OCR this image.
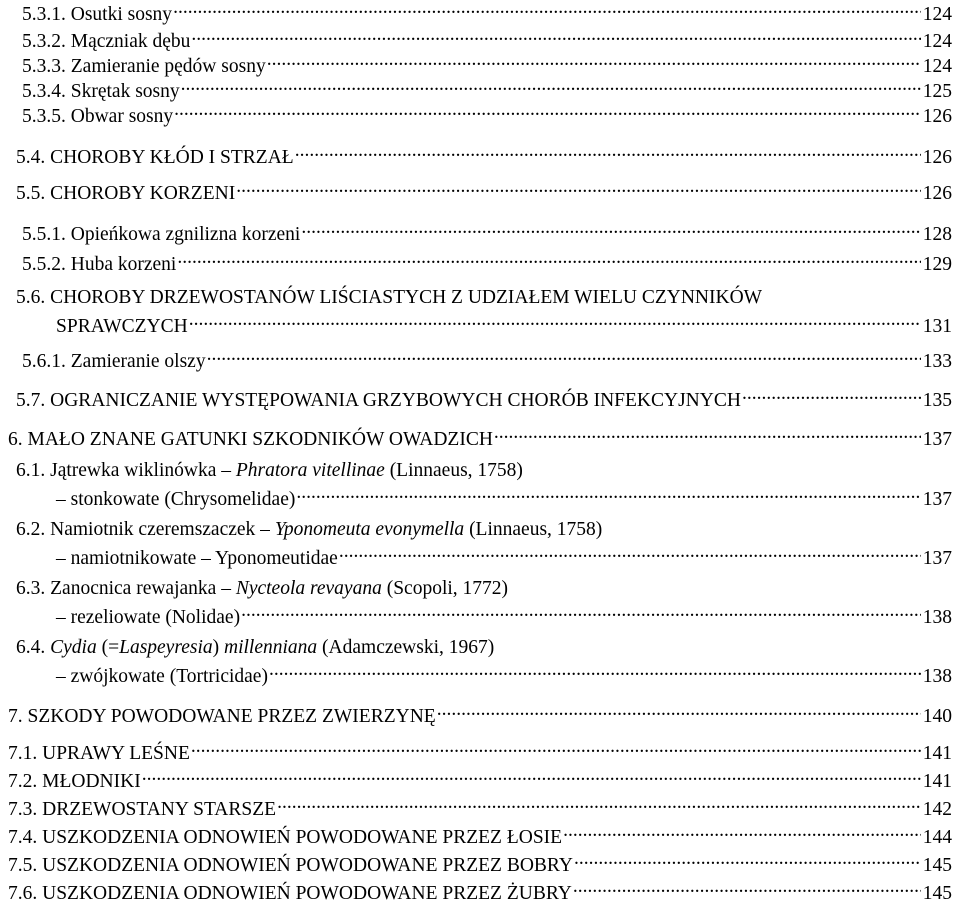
5.3.1. Osutki sosny .....	124
5.3.2. Mączniak dębu .....	124
5.3.3. Zamieranie pędów sosny .....	124
5.3.4. Skrętak sosny .....	125
5.3.5. Obwar sosny .....	126
5.4. CHOROBY KŁÓD I STRZAŁ .....	126
5.5. CHOROBY KORZENI .....	126
5.5.1. Opieńkowa zgnilizna korzeni .....	128
5.5.2. Huba korzeni .....	129
5.6. CHOROBY DRZEWOSTANÓW LIŚCIASTYCH Z UDZIAŁEM WIELU CZYNNIKÓW
SPRAWCZYCH .....	131
5.6.1. Zamieranie olszy .....	133
5.7. OGRANICZANIE WYSTĘPOWANIA GRZYBOWYCH CHORÓB INFEKCYJNYCH .....	135
6. MAŁO ZNANE GATUNKI SZKODNIKÓW OWADZICH .....	137
6.1. Jątrewka wiklinówka – Phratora vitellinae (Linnaeus, 1758)
– stonkowate (Chrysomelidae) .....	137
6.2. Namiotnik czeremszaczek – Yponomeuta evonymella (Linnaeus, 1758)
– namiotnikowate – Yponomeutidae .....	137
6.3. Zanocnica rewajanka – Nycteola revayana (Scopoli, 1772)
– rezeliowate (Nolidae) .....	138
6.4. Cydia (=Laspeyresia) millenniana (Adamczewski, 1967)
– zwójkowate (Tortricidae) .....	138
7. SZKODY POWODOWANE PRZEZ ZWIERZYNĘ .....	140
7.1. UPRAWY LEŚNE .....	141
7.2. MŁODNIKI .....	141
7.3. DRZEWOSTANY STARSZE .....	142
7.4. USZKODZENIA ODNOWIEŃ POWODOWANE PRZEZ ŁOSIE .....	144
7.5. USZKODZENIA ODNOWIEŃ POWODOWANE PRZEZ BOBRY .....	145
7.6. USZKODZENIA ODNOWIEŃ POWODOWANE PRZEZ ŻUBRY .....	145
